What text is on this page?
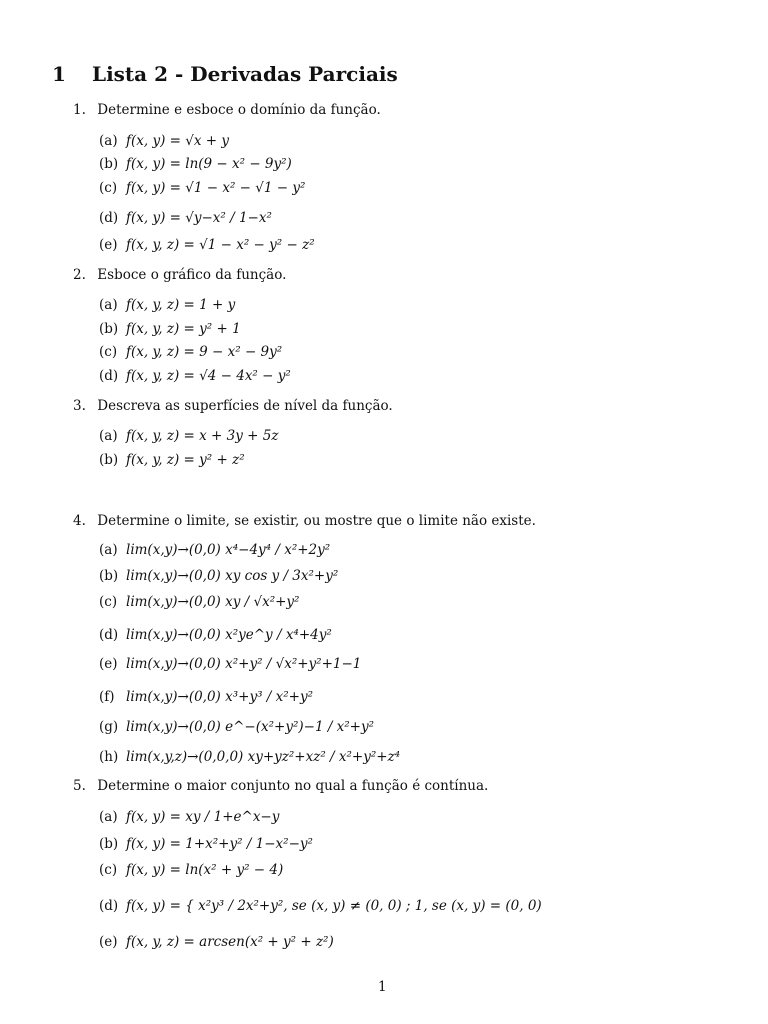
1 Lista 2 - Derivadas Parciais
1. Determine e esboce o domínio da função.
(a) f(x, y) = √x + y
(b) f(x, y) = ln(9 − x² − 9y²)
(c) f(x, y) = √1 − x² − √1 − y²
(d) f(x, y) = √y−x² / 1−x²
(e) f(x, y, z) = √1 − x² − y² − z²
2. Esboce o gráfico da função.
(a) f(x, y, z) = 1 + y
(b) f(x, y, z) = y² + 1
(c) f(x, y, z) = 9 − x² − 9y²
(d) f(x, y, z) = √4 − 4x² − y²
3. Descreva as superfícies de nível da função.
(a) f(x, y, z) = x + 3y + 5z
(b) f(x, y, z) = y² + z²
4. Determine o limite, se existir, ou mostre que o limite não existe.
(a) lim(x,y)→(0,0) x⁴−4y⁴ / x²+2y²
(b) lim(x,y)→(0,0) xy cos y / 3x²+y²
(c) lim(x,y)→(0,0) xy / √x²+y²
(d) lim(x,y)→(0,0) x²ye^y / x⁴+4y²
(e) lim(x,y)→(0,0) x²+y² / √x²+y²+1−1
(f) lim(x,y)→(0,0) x³+y³ / x²+y²
(g) lim(x,y)→(0,0) e^−(x²+y²)−1 / x²+y²
(h) lim(x,y,z)→(0,0,0) xy+yz²+xz² / x²+y²+z⁴
5. Determine o maior conjunto no qual a função é contínua.
(a) f(x, y) = xy / 1+e^x−y
(b) f(x, y) = 1+x²+y² / 1−x²−y²
(c) f(x, y) = ln(x² + y² − 4)
(d) f(x, y) = { x²y³ / 2x²+y², se (x, y) ≠ (0, 0) ; 1, se (x, y) = (0, 0)
(e) f(x, y, z) = arcsen(x² + y² + z²)
1
